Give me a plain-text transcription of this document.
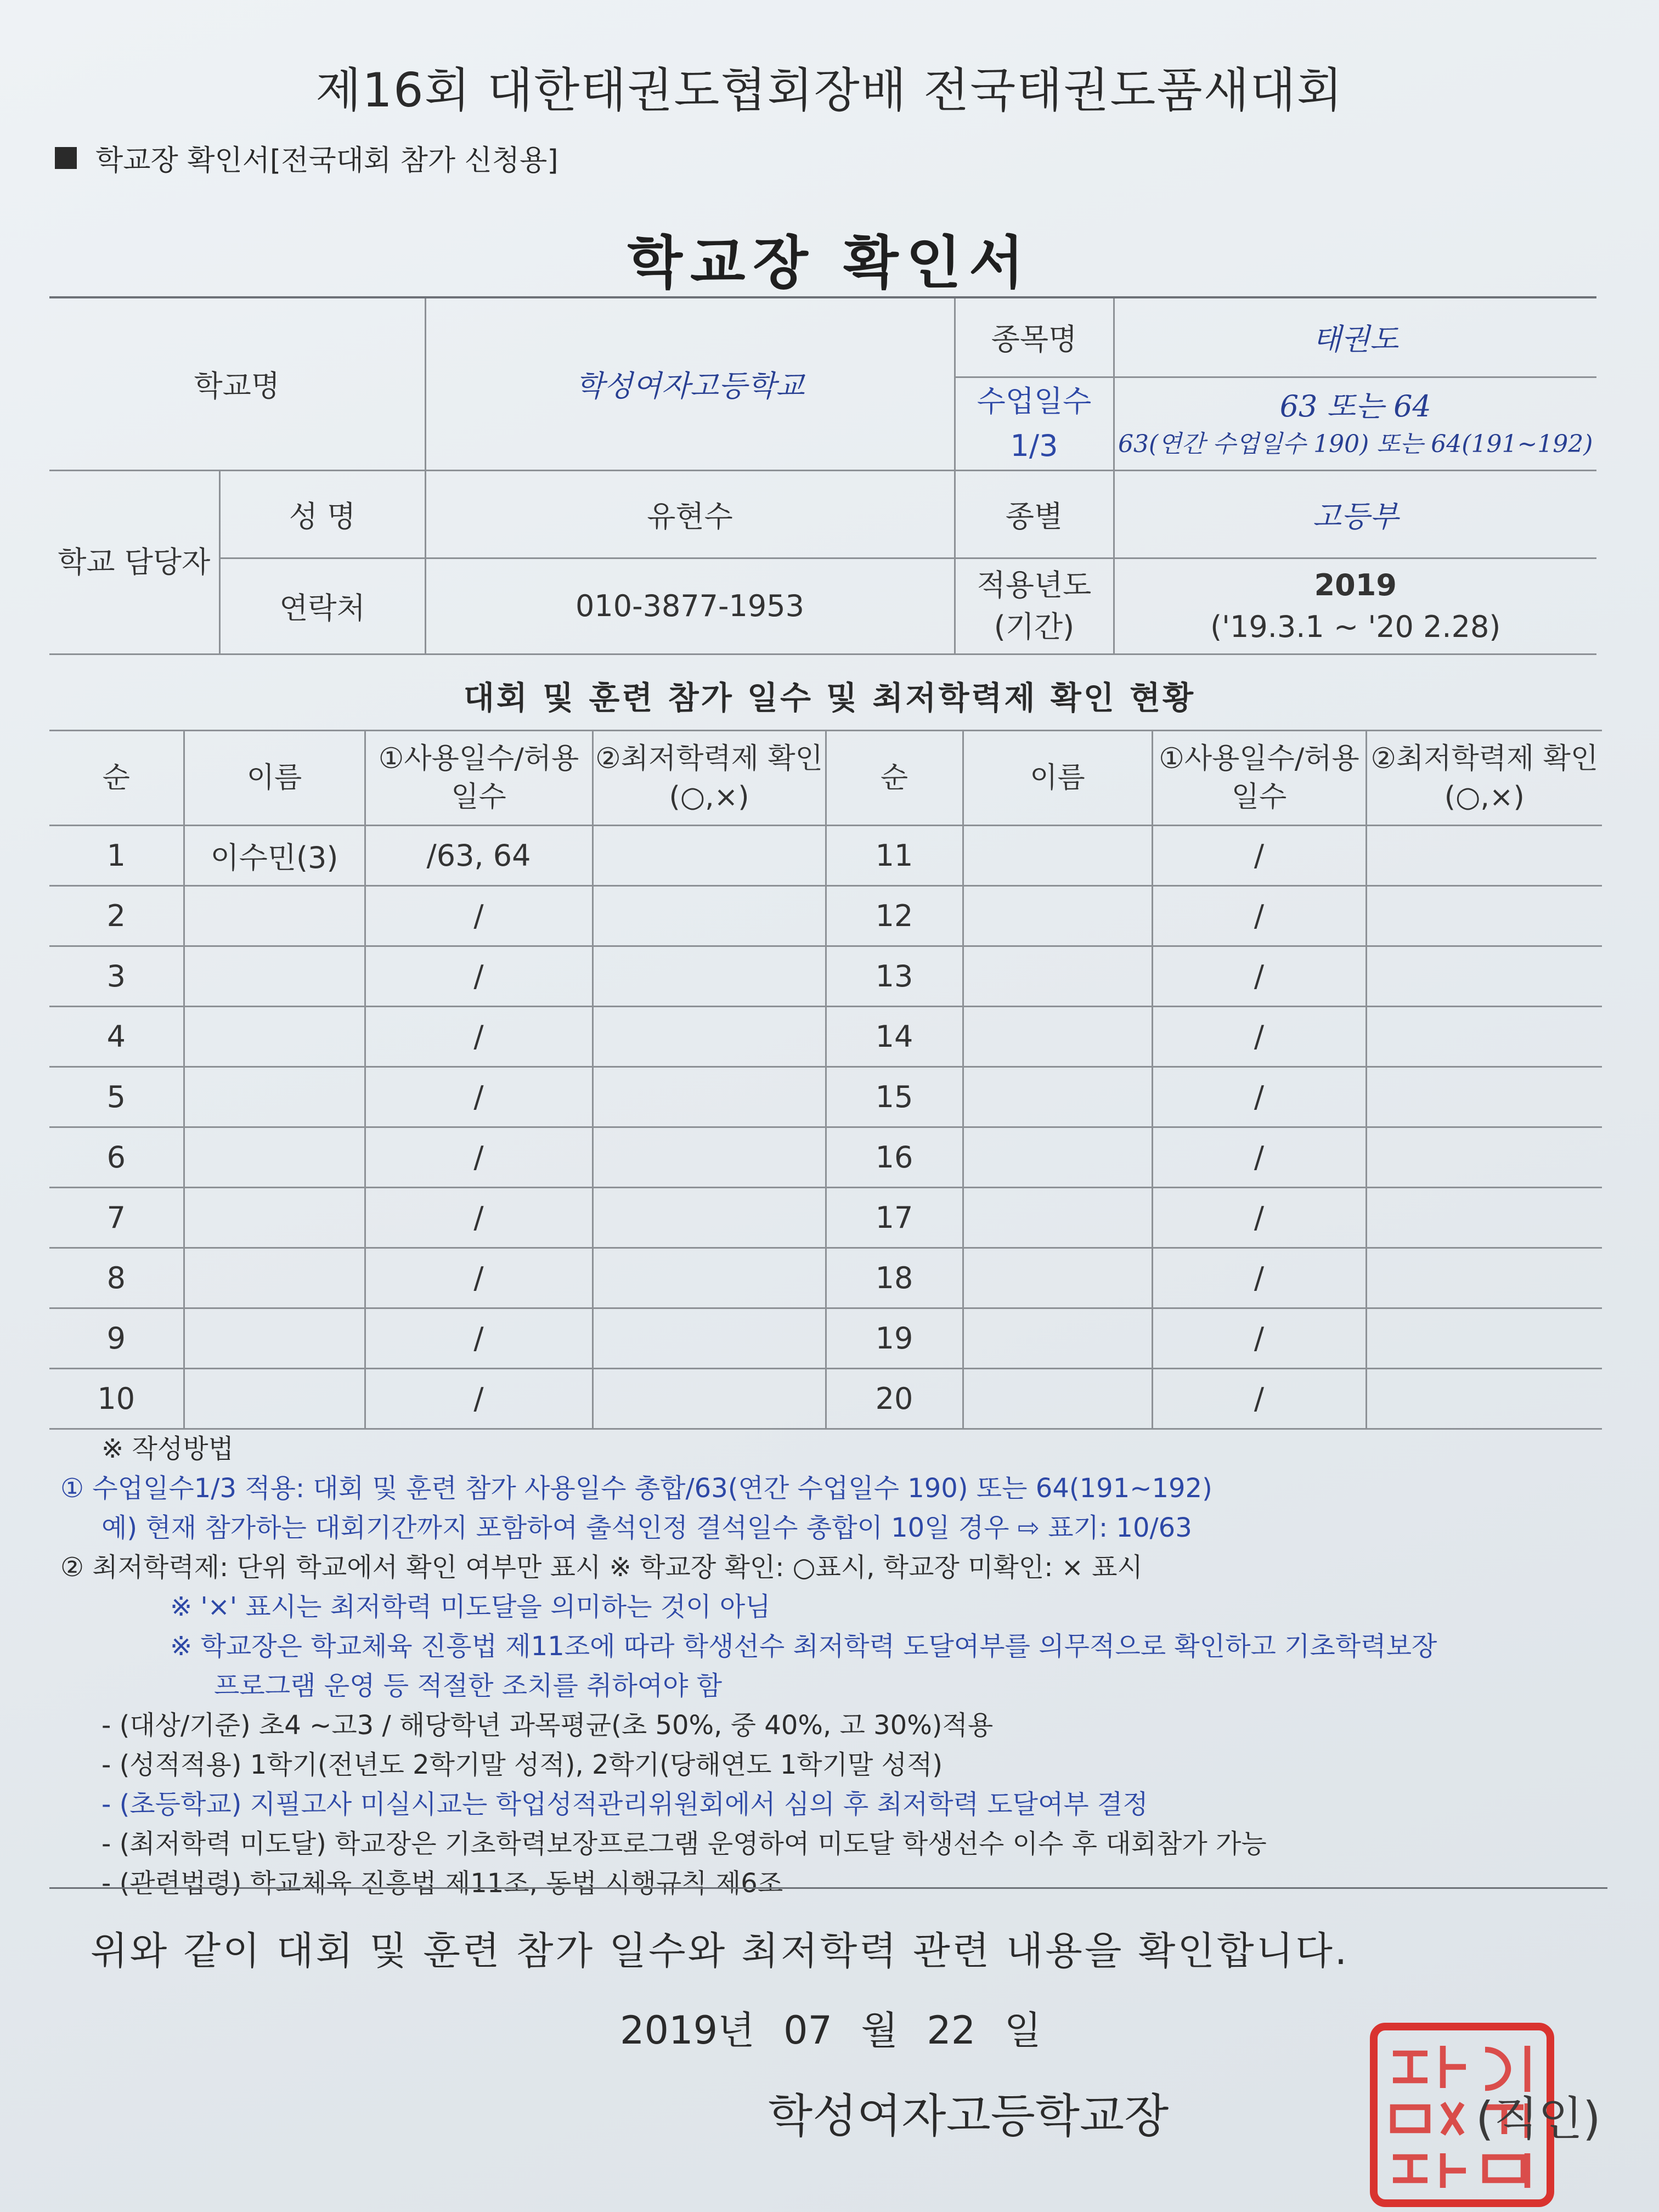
제16회 대한태권도협회장배 전국태권도품새대회
학교장 확인서[전국대회 참가 신청용]
학교장 확인서
학교명		학성여자고등학교	종목명	태권도
			수업일수1/3	63 또는 64
63(연간 수업일수 190) 또는 64(191~192)

학교 담당자	성 명	유현수	종별	고등부
	연락처	010-3877-1953	적용년도 (기간)	2019
('19.3.1 ~ '20 2.28)
대회 및 훈련 참가 일수 및 최저학력제 확인 현황
순	이름	①사용일수/허용일수	②최저학력제 확인(○,×)	순	이름	①사용일수/허용일수	②최저학력제 확인(○,×)
1	이수민(3)	/63, 64		11		/	
2		/		12		/	
3		/		13		/	
4		/		14		/	
5		/		15		/	
6		/		16		/	
7		/		17		/	
8		/		18		/	
9		/		19		/	
10		/		20		/	
※ 작성방법
① 수업일수1/3 적용: 대회 및 훈련 참가 사용일수 총합/63(연간 수업일수 190) 또는 64(191~192)
예) 현재 참가하는 대회기간까지 포함하여 출석인정 결석일수 총합이 10일 경우 ⇨ 표기: 10/63
② 최저학력제: 단위 학교에서 확인 여부만 표시 ※ 학교장 확인: ○표시, 학교장 미확인: × 표시
※ '×' 표시는 최저학력 미도달을 의미하는 것이 아님
※ 학교장은 학교체육 진흥법 제11조에 따라 학생선수 최저학력 도달여부를 의무적으로 확인하고 기초학력보장
프로그램 운영 등 적절한 조치를 취하여야 함
- (대상/기준) 초4 ~고3 / 해당학년 과목평균(초 50%, 중 40%, 고 30%)적용
- (성적적용) 1학기(전년도 2학기말 성적), 2학기(당해연도 1학기말 성적)
- (초등학교) 지필고사 미실시교는 학업성적관리위원회에서 심의 후 최저학력 도달여부 결정
- (최저학력 미도달) 학교장은 기초학력보장프로그램 운영하여 미도달 학생선수 이수 후 대회참가 가능
- (관련법령) 학교체육 진흥법 제11조, 동법 시행규칙 제6조
위와 같이 대회 및 훈련 참가 일수와 최저학력 관련 내용을 확인합니다.
2019년 07 월 22 일
학성여자고등학교장	(직인)
